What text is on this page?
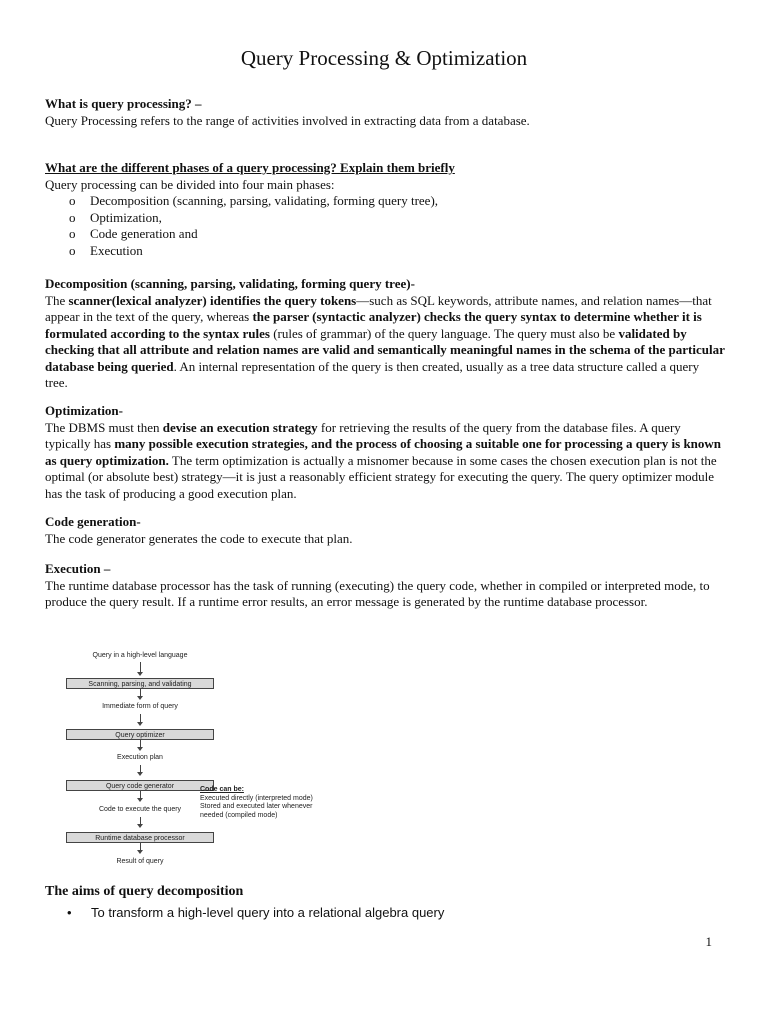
Query Processing & Optimization

What is query processing? –

Query Processing refers to the range of activities involved in extracting data from a database.

What are the different phases of a query processing? Explain them briefly

Query processing can be divided into four main phases:

o Decomposition (scanning, parsing, validating, forming query tree),
o Optimization,
o Code generation and
o Execution

Decomposition (scanning, parsing, validating, forming query tree)-

The scanner(lexical analyzer) identifies the query tokens—such as SQL keywords, attribute names, and relation names—that appear in the text of the query, whereas the parser (syntactic analyzer) checks the query syntax to determine whether it is formulated according to the syntax rules (rules of grammar) of the query language. The query must also be validated by checking that all attribute and relation names are valid and semantically meaningful names in the schema of the particular database being queried. An internal representation of the query is then created, usually as a tree data structure called a query tree.

Optimization-

The DBMS must then devise an execution strategy for retrieving the results of the query from the database files. A query typically has many possible execution strategies, and the process of choosing a suitable one for processing a query is known as query optimization. The term optimization is actually a misnomer because in some cases the chosen execution plan is not the optimal (or absolute best) strategy—it is just a reasonably efficient strategy for executing the query. The query optimizer module has the task of producing a good execution plan.

Code generation-

The code generator generates the code to execute that plan.

Execution –

The runtime database processor has the task of running (executing) the query code, whether in compiled or interpreted mode, to produce the query result. If a runtime error results, an error message is generated by the runtime database processor.

Query in a high-level language
Scanning, parsing, and validating
Immediate form of query
Query optimizer
Execution plan
Query code generator
Code to execute the query
Runtime database processor
Result of query
Code can be:
Executed directly (interpreted mode)
Stored and executed later whenever
needed (compiled mode)
The aims of query decomposition
• To transform a high-level query into a relational algebra query
1
